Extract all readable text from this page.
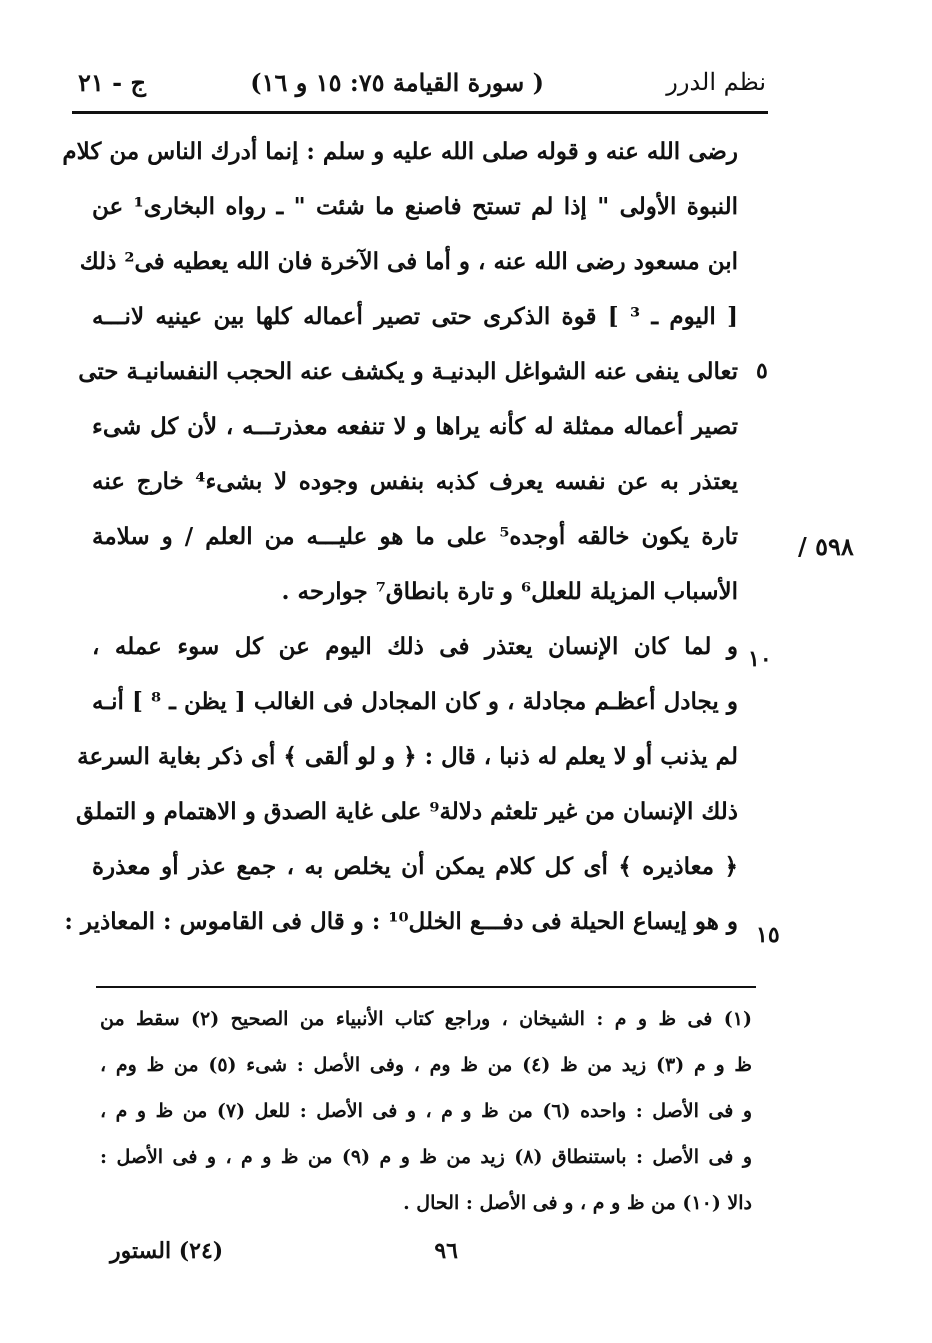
نظم الدرر
( سورة القيامة ٧٥: ١٥ و ١٦)
ج - ٢١
رضى الله عنه و قوله صلى الله عليه و سلم : إنما أدرك الناس من كلام
النبوة الأولى " إذا لم تستح فاصنع ما شئت " ـ رواه البخارى¹ عن
ابن مسعود رضى الله عنه ، و أما فى الآخرة فان الله يعطيه فى² ذلك
[ اليوم ـ ³ ] قوة الذكرى حتى تصير أعماله كلها بين عينيه لانـــه
تعالى ينفى عنه الشواغل البدنيـة و يكشف عنه الحجب النفسانيـة حتى
تصير أعماله ممثلة له كأنه يراها و لا تنفعه معذرتـــه ، لأن كل شىء
يعتذر به عن نفسه يعرف كذبه بنفس وجوده لا بشىء⁴ خارج عنه
تارة يكون خالقه أوجده⁵ على ما هو عليـــه من العلم / و سلامة
الأسباب المزيلة للعلل⁶ و تارة بانطاق⁷ جوارحه .
و لما كان الإنسان يعتذر فى ذلك اليوم عن كل سوء عمله ،
و يجادل أعظـم مجادلة ، و كان المجادل فى الغالب [ يظن ـ ⁸ ] أنـه
لم يذنب أو لا يعلم له ذنبا ، قال : ﴿ و لو ألقى ﴾ أى ذكر بغاية السرعة
ذلك الإنسان من غير تلعثم دلالة⁹ على غاية الصدق و الاهتمام و التملق
﴿ معاذيره ﴾ أى كل كلام يمكن أن يخلص به ، جمع عذر أو معذرة
و هو إيساع الحيلة فى دفـــع الخلل¹⁰ : و قال فى القاموس : المعاذير :
٥
١٠
١٥
٥٩٨ /
(١) فى ظ و م : الشيخان ، وراجع كتاب الأنبياء من الصحيح (٢) سقط من
ظ و م (٣) زيد من ظ (٤) من ظ وم ، وفى الأصل : شىء (٥) من ظ وم ،
و فى الأصل : واحده (٦) من ظ و م ، و فى الأصل : للعل (٧) من ظ و م ،
و فى الأصل : باستنطاق (٨) زيد من ظ و م (٩) من ظ و م ، و فى الأصل :
دالا (١٠) من ظ و م ، و فى الأصل : الحال .
٩٦
(٢٤) الستور
